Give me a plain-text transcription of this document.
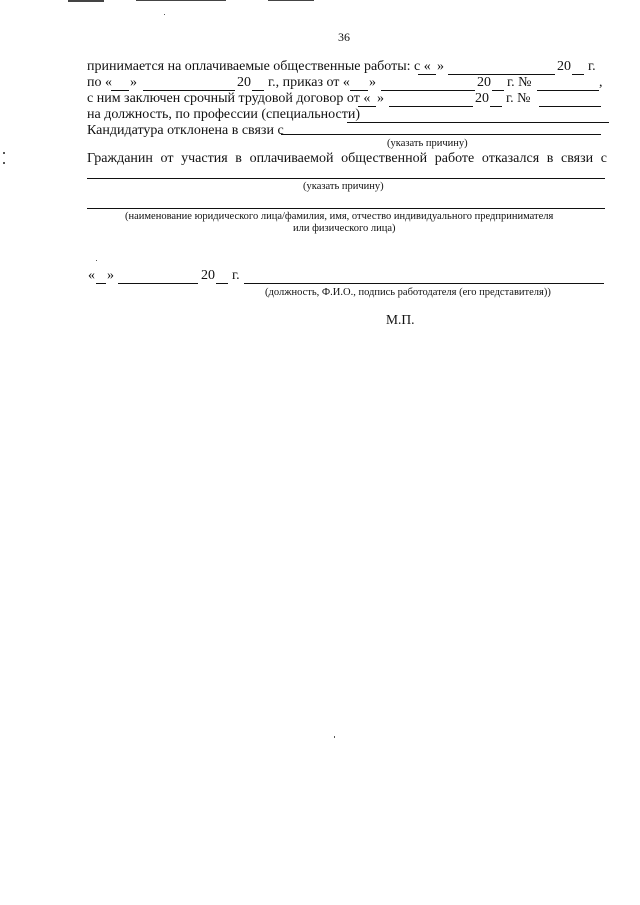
36
принимается на оплачиваемые общественные работы: с « »	20 г.
по « »	20 г., приказ от « »	20 г. №	,
с ним заключен срочный трудовой договор от « »	20 г. №
на должность, по профессии (специальности)
Кандидатура отклонена в связи с
(указать причину)
Гражданин от участия в оплачиваемой общественной работе отказался в связи с
(указать причину)
(наименование юридического лица/фамилия, имя, отчество индивидуального предпринимателя
или физического лица)
« »	20 г.
(должность, Ф.И.О., подпись работодателя (его представителя))
М.П.
